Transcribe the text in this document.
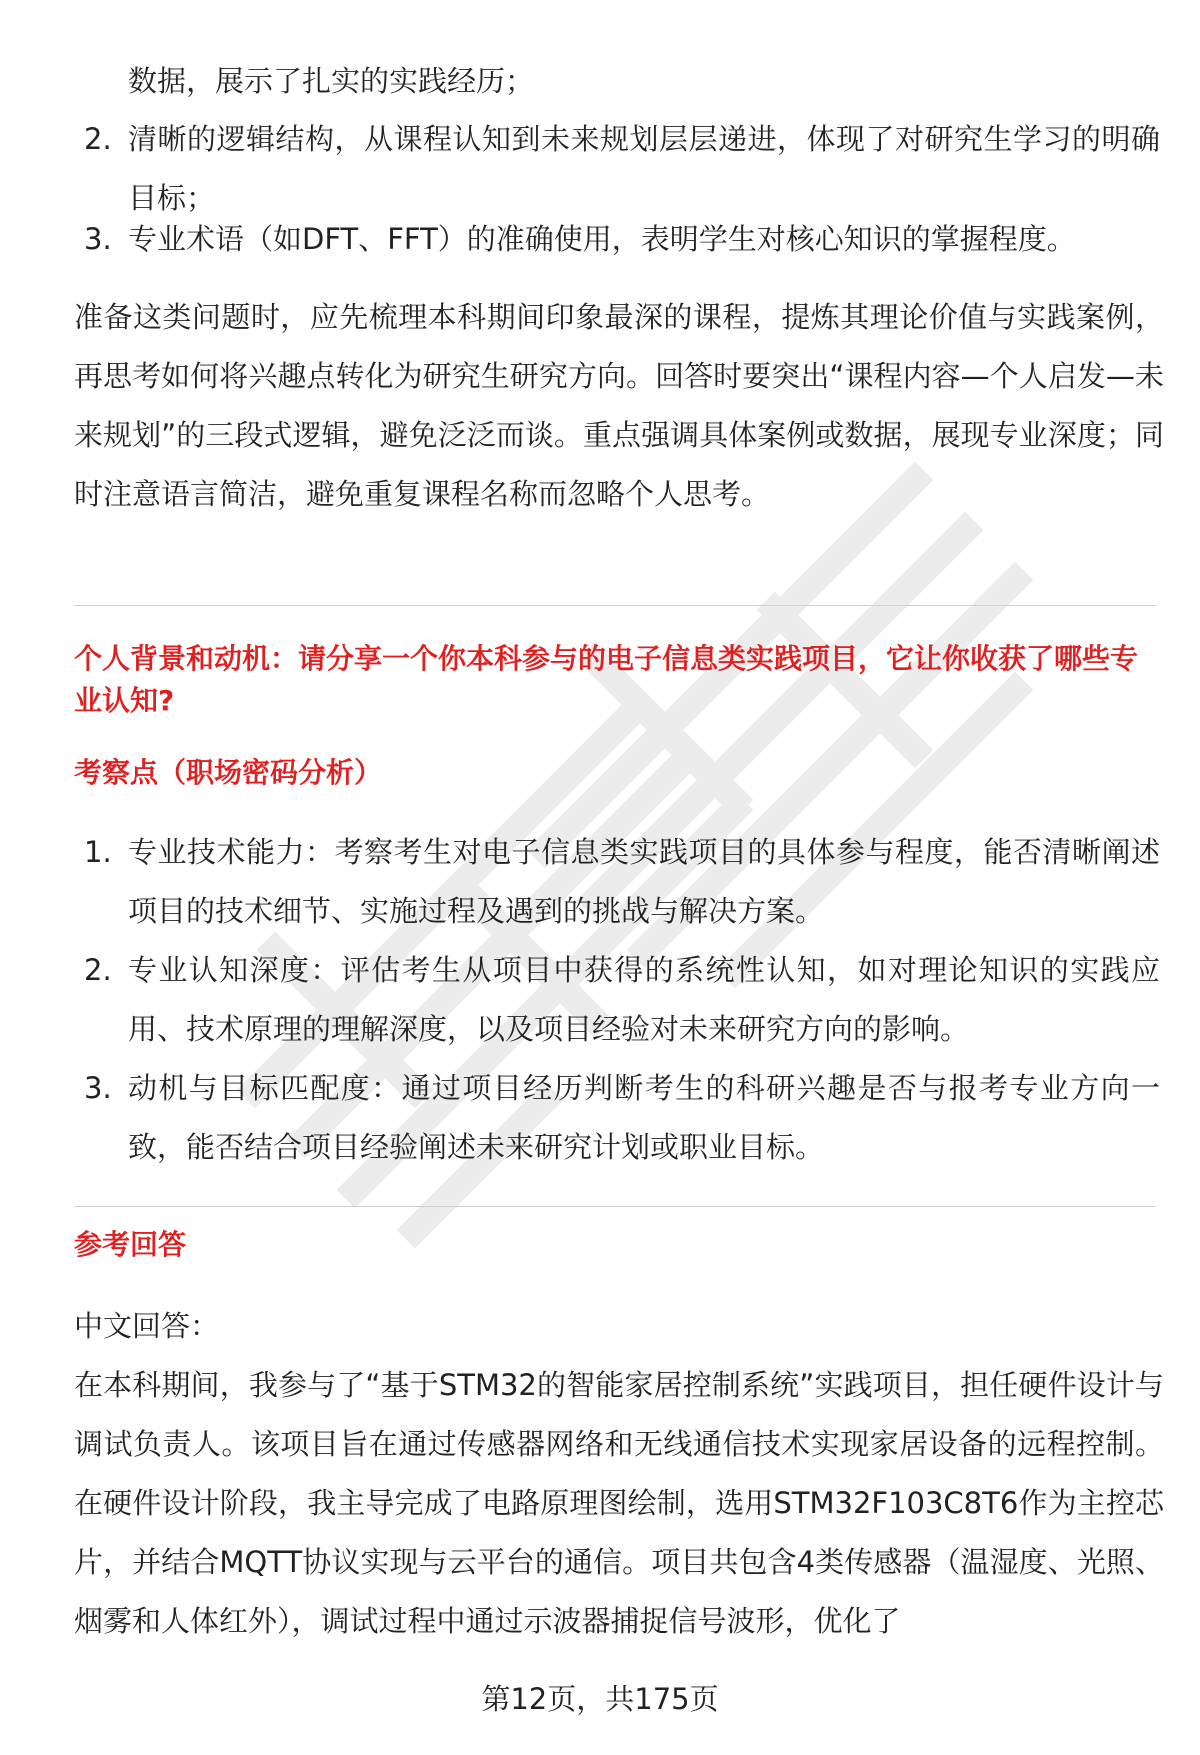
数据，展示了扎实的实践经历；

2. 清晰的逻辑结构，从课程认知到未来规划层层递进，体现了对研究生学习的明确目标；
3. 专业术语（如DFT、FFT）的准确使用，表明学生对核心知识的掌握程度。

准备这类问题时，应先梳理本科期间印象最深的课程，提炼其理论价值与实践案例，再思考如何将兴趣点转化为研究生研究方向。回答时要突出“课程内容—个人启发—未来规划”的三段式逻辑，避免泛泛而谈。重点强调具体案例或数据，展现专业深度；同时注意语言简洁，避免重复课程名称而忽略个人思考。

个人背景和动机：请分享一个你本科参与的电子信息类实践项目，它让你收获了哪些专业认知?

考察点（职场密码分析）

1. 专业技术能力：考察考生对电子信息类实践项目的具体参与程度，能否清晰阐述项目的技术细节、实施过程及遇到的挑战与解决方案。
2. 专业认知深度：评估考生从项目中获得的系统性认知，如对理论知识的实践应用、技术原理的理解深度，以及项目经验对未来研究方向的影响。
3. 动机与目标匹配度：通过项目经历判断考生的科研兴趣是否与报考专业方向一致，能否结合项目经验阐述未来研究计划或职业目标。

参考回答

中文回答：

在本科期间，我参与了“基于STM32的智能家居控制系统”实践项目，担任硬件设计与调试负责人。该项目旨在通过传感器网络和无线通信技术实现家居设备的远程控制。在硬件设计阶段，我主导完成了电路原理图绘制，选用STM32F103C8T6作为主控芯片，并结合MQTT协议实现与云平台的通信。项目共包含4类传感器（温湿度、光照、烟雾和人体红外），调试过程中通过示波器捕捉信号波形，优化了

第12页，共175页
